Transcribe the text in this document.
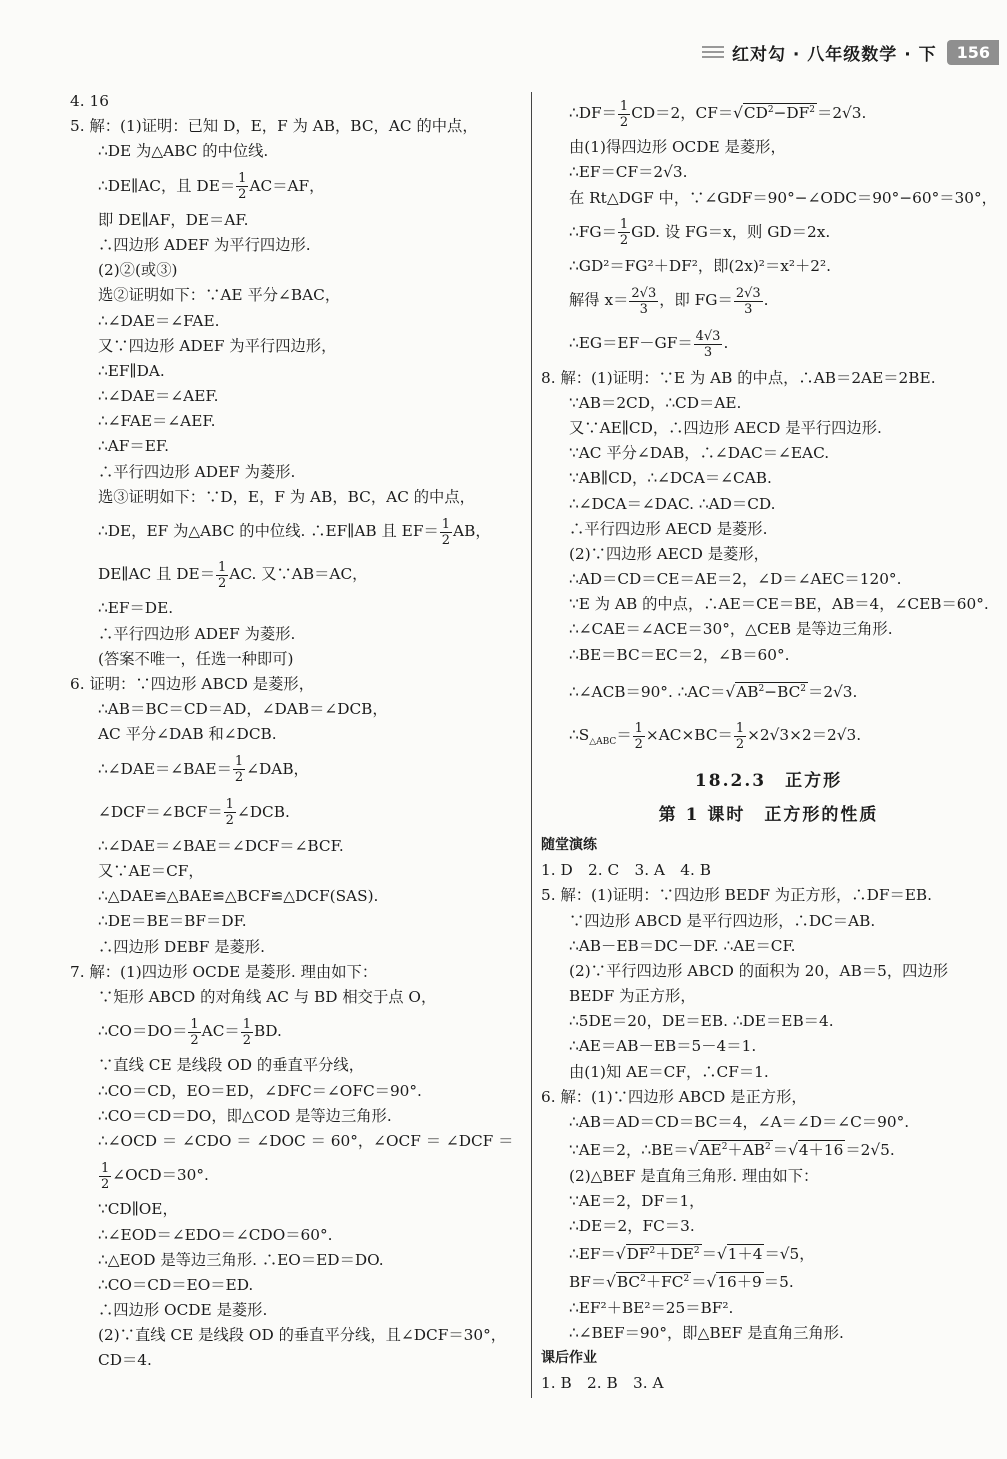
红对勾 · 八年级数学 · 下	156
4. 16
5. 解：(1)证明：已知 D，E，F 为 AB，BC，AC 的中点，
∴DE 为△ABC 的中位线.
∴DE∥AC，且 $DE= \frac{1}{2} AC=AF$，
即 DE∥AF，DE＝AF.
∴四边形 ADEF 为平行四边形.
(2)②(或③)
选②证明如下：∵AE 平分∠BAC，
∴∠DAE＝∠FAE.
又∵四边形 ADEF 为平行四边形，
∴EF∥DA.
∴∠DAE＝∠AEF.
∴∠FAE＝∠AEF.
∴AF＝EF.
∴平行四边形 ADEF 为菱形.
选③证明如下：∵D，E，F 为 AB，BC，AC 的中点，
∴DE，EF 为△ABC 的中位线. ∴EF∥AB 且 $EF= \frac{1}{2}$ AB，
DE∥AC 且 $DE= \frac{1}{2}$ AC. 又∵AB＝AC，
∴EF＝DE.
∴平行四边形 ADEF 为菱形.
(答案不唯一，任选一种即可)
6. 证明：∵四边形 ABCD 是菱形，
∴AB＝BC＝CD＝AD，∠DAB＝∠DCB，
AC 平分∠DAB 和∠DCB.
∴∠DAE＝∠BAE＝ $\frac{1}{2}$ ∠DAB，
∠DCF＝∠BCF＝ $\frac{1}{2}$ ∠DCB.
∴∠DAE＝∠BAE＝∠DCF＝∠BCF.
又∵AE＝CF，
∴△DAE≌△BAE≌△BCF≌△DCF(SAS).
∴DE＝BE＝BF＝DF.
∴四边形 DEBF 是菱形.
7. 解：(1)四边形 OCDE 是菱形. 理由如下：
∵矩形 ABCD 的对角线 AC 与 BD 相交于点 O，
∴CO＝DO＝ $\frac{1}{2} AC= \frac{1}{2}$ BD.
∵直线 CE 是线段 OD 的垂直平分线，
∴CO＝CD，EO＝ED，∠DFC＝∠OFC＝90°.
∴CO＝CD＝DO，即△COD 是等边三角形.
∴∠OCD ＝ ∠CDO ＝ ∠DOC ＝ 60°，∠OCF ＝ ∠DCF ＝
$\frac{1}{2}$ ∠OCD＝30°.
∵CD∥OE，
∴∠EOD＝∠EDO＝∠CDO＝60°.
∴△EOD 是等边三角形. ∴EO＝ED＝DO.
∴CO＝CD＝EO＝ED.
∴四边形 OCDE 是菱形.
(2)∵直线 CE 是线段 OD 的垂直平分线，且∠DCF＝30°，
CD＝4.
∴DF＝ $\frac{1}{2} CD=2$，$CF=√CD^2-DF^2 =2√3$.
由(1)得四边形 OCDE 是菱形，
∴EF＝CF＝2√3.
在 Rt△DGF 中，∵∠GDF＝90°−∠ODC＝90°−60°＝30°，
∴FG＝ $\frac{1}{2}$ GD. 设 FG＝x，则 GD＝2x.
∴GD²＝FG²＋DF²，即(2x)²＝x²＋2².
解得 $x= \frac{2√3}{3}$ ，即 $FG= \frac{2√3}{3}$ .
∴EG＝EF－GF＝ $\frac{4√3}{3}$ .
8. 解：(1)证明：∵E 为 AB 的中点，∴AB＝2AE＝2BE.
∵AB＝2CD，∴CD＝AE.
又∵AE∥CD，∴四边形 AECD 是平行四边形.
∵AC 平分∠DAB，∴∠DAC＝∠EAC.
∵AB∥CD，∴∠DCA＝∠CAB.
∴∠DCA＝∠DAC. ∴AD＝CD.
∴平行四边形 AECD 是菱形.
(2)∵四边形 AECD 是菱形，
∴AD＝CD＝CE＝AE＝2，∠D＝∠AEC＝120°.
∵E 为 AB 的中点，∴AE＝CE＝BE，AB＝4，∠CEB＝60°.
∴∠CAE＝∠ACE＝30°，△CEB 是等边三角形.
∴BE＝BC＝EC＝2，∠B＝60°.
∴∠ACB＝90°. $\therefore AC=√AB^2-BC^2 =2√3$.
$\therefore S_{\triangle ABC}= \frac{1}{2} \times AC\times BC= \frac{1}{2} \times 2√3\times 2=2√3$.
18.2.3　正方形
第 1 课时　正方形的性质
随堂演练
1. D　2. C　3. A　4. B
5. 解：(1)证明：∵四边形 BEDF 为正方形，∴DF＝EB.
∵四边形 ABCD 是平行四边形，∴DC＝AB.
∴AB－EB＝DC－DF. ∴AE＝CF.
(2)∵平行四边形 ABCD 的面积为 20，AB＝5，四边形
BEDF 为正方形，
∴5DE＝20，DE＝EB. ∴DE＝EB＝4.
∴AE＝AB－EB＝5－4＝1.
由(1)知 AE＝CF，∴CF＝1.
6. 解：(1)∵四边形 ABCD 是正方形，
∴AB＝AD＝CD＝BC＝4，∠A＝∠D＝∠C＝90°.
∵AE＝2，$\therefore BE=√AE^2+AB^2 =√4+16 =2√5$.
(2)△BEF 是直角三角形. 理由如下：
∵AE＝2，DF＝1，
∴DE＝2，FC＝3.
$\therefore EF=√DF^2+DE^2 =√1+4 =√5$，
$BF=√BC^2+FC^2 =√16+9 =5$.
∴EF²＋BE²＝25＝BF².
∴∠BEF＝90°，即△BEF 是直角三角形.
课后作业
1. B　2. B　3. A
